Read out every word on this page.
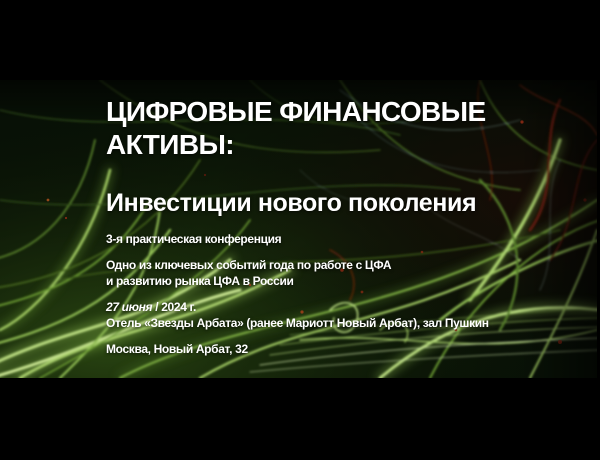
ЦИФРОВЫЕ ФИНАНСОВЫЕ
АКТИВЫ:
Инвестиции нового поколения
3-я практическая конференция
Одно из ключевых событий года по работе с ЦФА
и развитию рынка ЦФА в России
27 июня / 2024 г.
Отель «Звезды Арбата» (ранее Мариотт Новый Арбат), зал Пушкин
Москва, Новый Арбат, 32
